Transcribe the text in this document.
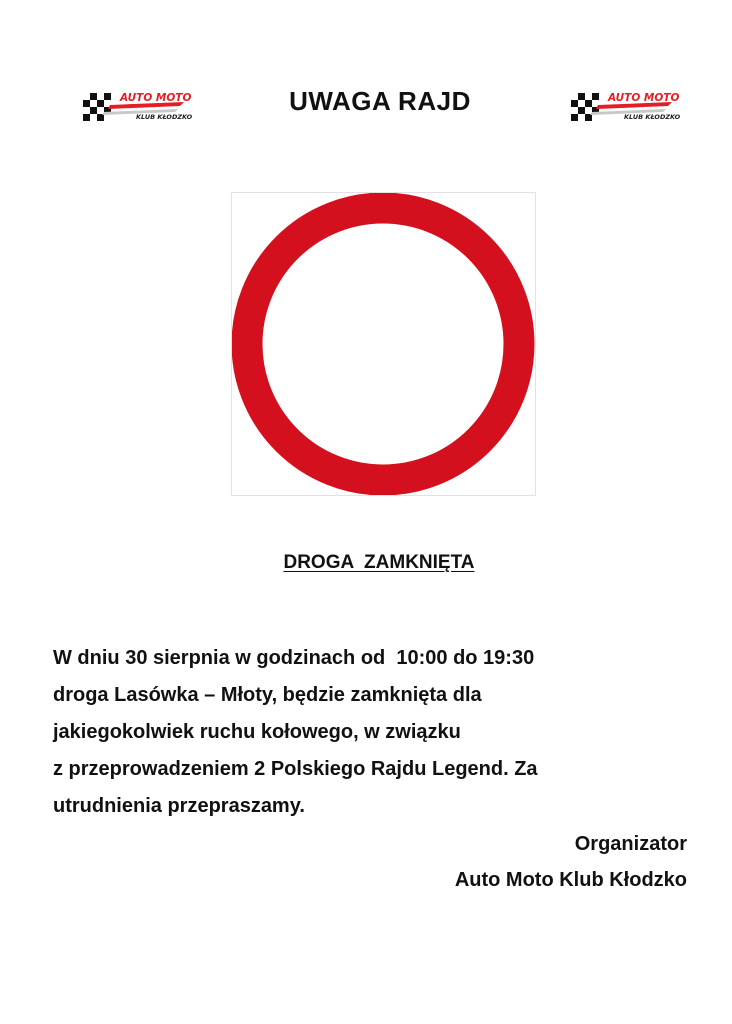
AUTO MOTO
KLUB KŁODZKO
UWAGA RAJD	AUTO MOTO
KLUB KŁODZKO
DROGA  ZAMKNIĘTA
W dniu 30 sierpnia w godzinach od  10:00 do 19:30
droga Lasówka – Młoty, będzie zamknięta dla
jakiegokolwiek ruchu kołowego, w związku
z przeprowadzeniem 2 Polskiego Rajdu Legend. Za
utrudnienia przepraszamy.
Organizator
Auto Moto Klub Kłodzko
